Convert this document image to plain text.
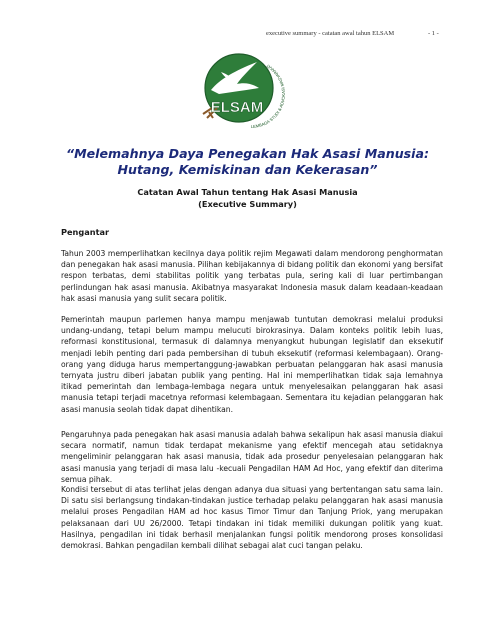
executive summary - catatan awal tahun ELSAM	- 1 -
ELSAM
LEMBAGA STUDI & ADVOKASI MASYARAKAT
“Melemahnya Daya Penegakan Hak Asasi Manusia:
Hutang, Kemiskinan dan Kekerasan”
Catatan Awal Tahun tentang Hak Asasi Manusia
(Executive Summary)
Pengantar

Tahun 2003 memperlihatkan kecilnya daya politik rejim Megawati dalam mendorong penghormatan dan penegakan hak asasi manusia. Pilihan kebijakannya di bidang politik dan ekonomi yang bersifat respon terbatas, demi stabilitas politik yang terbatas pula, sering kali di luar pertimbangan perlindungan hak asasi manusia. Akibatnya masyarakat Indonesia masuk dalam keadaan-keadaan hak asasi manusia yang sulit secara politik.

Pemerintah maupun parlemen hanya mampu menjawab tuntutan demokrasi melalui produksi undang-undang, tetapi belum mampu melucuti birokrasinya. Dalam konteks politik lebih luas, reformasi konstitusional, termasuk di dalamnya menyangkut hubungan legislatif dan eksekutif menjadi lebih penting dari pada pembersihan di tubuh eksekutif (reformasi kelembagaan). Orang-orang yang diduga harus mempertanggung-jawabkan perbuatan pelanggaran hak asasi manusia ternyata justru diberi jabatan publik yang penting. Hal ini memperlihatkan tidak saja lemahnya itikad pemerintah dan lembaga-lembaga negara untuk menyelesaikan pelanggaran hak asasi manusia tetapi terjadi macetnya reformasi kelembagaan. Sementara itu kejadian pelanggaran hak asasi manusia seolah tidak dapat dihentikan.

Pengaruhnya pada penegakan hak asasi manusia adalah bahwa sekalipun hak asasi manusia diakui secara normatif, namun tidak terdapat mekanisme yang efektif mencegah atau setidaknya mengeliminir pelanggaran hak asasi manusia, tidak ada prosedur penyelesaian pelanggaran hak asasi manusia yang terjadi di masa lalu -kecuali Pengadilan HAM Ad Hoc, yang efektif dan diterima semua pihak.

Kondisi tersebut di atas terlihat jelas dengan adanya dua situasi yang bertentangan satu sama lain. Di satu sisi berlangsung tindakan-tindakan justice terhadap pelaku pelanggaran hak asasi manusia melalui proses Pengadilan HAM ad hoc kasus Timor Timur dan Tanjung Priok, yang merupakan pelaksanaan dari UU 26/2000. Tetapi tindakan ini tidak memiliki dukungan politik yang kuat. Hasilnya, pengadilan ini tidak berhasil menjalankan fungsi politik mendorong proses konsolidasi demokrasi. Bahkan pengadilan kembali dilihat sebagai alat cuci tangan pelaku.
